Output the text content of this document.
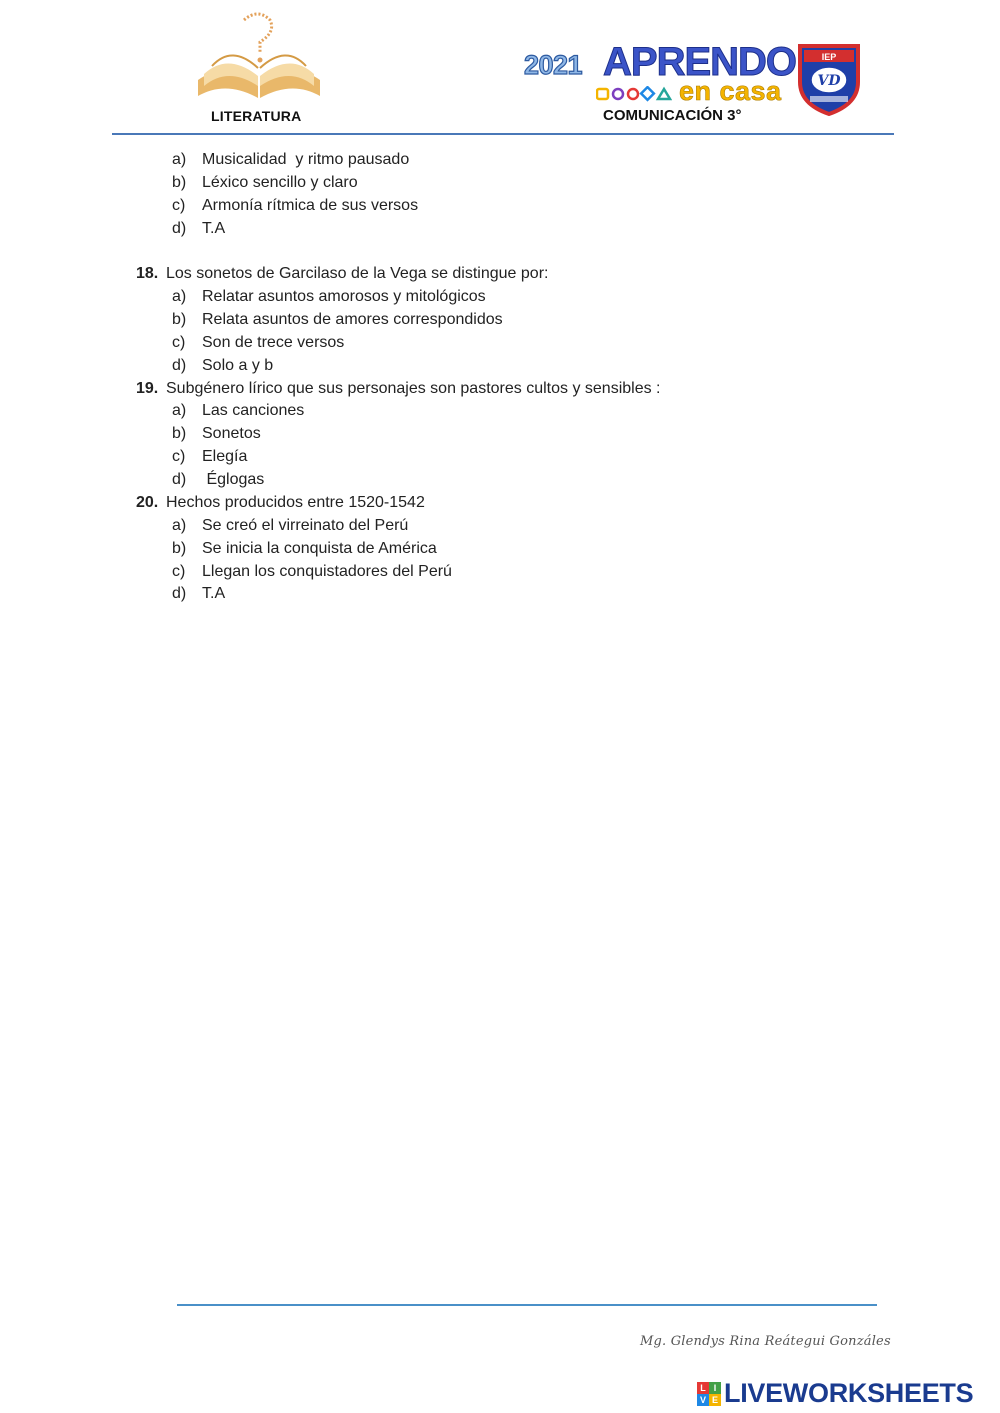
LITERATURA
2021 APRENDO
en casa
COMUNICACIÓN 3°
IEP
VD
a) Musicalidad  y ritmo pausado
b) Léxico sencillo y claro
c) Armonía rítmica de sus versos
d) T.A
18. Los sonetos de Garcilaso de la Vega se distingue por:
a) Relatar asuntos amorosos y mitológicos
b) Relata asuntos de amores correspondidos
c) Son de trece versos
d) Solo a y b
19. Subgénero lírico que sus personajes son pastores cultos y sensibles :
a) Las canciones
b) Sonetos
c) Elegía
d) Églogas
20. Hechos producidos entre 1520-1542
a) Se creó el virreinato del Perú
b) Se inicia la conquista de América
c) Llegan los conquistadores del Perú
d) T.A
Mg. Glendys Rina Reátegui Gonzáles
L I
V E LIVEWORKSHEETS
